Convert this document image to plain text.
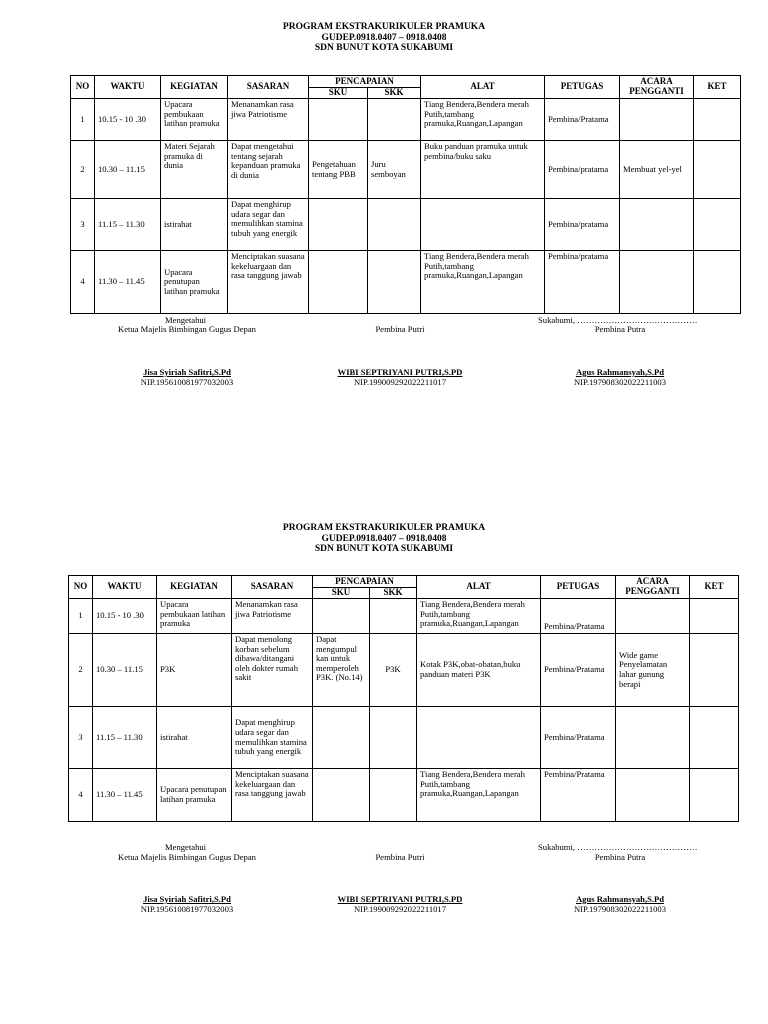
PROGRAM EKSTRAKURIKULER PRAMUKA
GUDEP.0918.0407 – 0918.0408
SDN BUNUT KOTA SUKABUMI
NO	WAKTU	KEGIATAN	SASARAN	PENCAPAIAN		ALAT	PETUGAS	ACARA PENGGANTI	KET
				SKU	SKK				
1	10.15 - 10 .30	Upacara pembukaan latihan pramuka	Menanamkan rasa jiwa Patriotisme			Tiang Bendera,Bendera merah Putih,tambang pramuka,Ruangan,Lapangan	Pembina/Pratama		
2	10.30 – 11.15	Materi Sejarah pramuka di dunia	Dapat mengetahui tentang sejarah kepanduan pramuka di dunia	Pengetahuan tentang PBB	Juru semboyan	Buku panduan pramuka untuk pembina/buku saku	Pembina/pratama	Membuat yel-yel	
3	11.15 – 11.30	istirahat	Dapat menghirup udara segar dan memulihkan stamina tubuh yang energik				Pembina/pratama		
4	11.30 – 11.45	Upacara penutupan latihan pramuka	Menciptakan suasana kekeluargaan dan rasa tanggung jawab			Tiang Bendera,Bendera merah Putih,tambang pramuka,Ruangan,Lapangan	Pembina/pratama		
Mengetahui
Ketua Majelis Bimbingan Gugus Depan	Pembina Putri
Sukabumi, ……………………………………
Pembina Putra
Jisa Syiriah Safitri,S.Pd
NIP.195610081977032003
WIBI SEPTRIYANI PUTRI,S.PD
NIP.199009292022211017
Agus Rahmansyah,S.Pd
NIP.197908302022211003
PROGRAM EKSTRAKURIKULER PRAMUKA
GUDEP.0918.0407 – 0918.0408
SDN BUNUT KOTA SUKABUMI
NO	WAKTU	KEGIATAN	SASARAN	PENCAPAIAN		ALAT	PETUGAS	ACARA PENGGANTI	KET
				SKU	SKK				
1	10.15 - 10 .30	Upacara pembukaan latihan pramuka	Menanamkan rasa jiwa Patriotisme			Tiang Bendera,Bendera merah Putih,tambang pramuka,Ruangan,Lapangan	Pembina/Pratama		
2	10.30 – 11.15	P3K	Dapat menolong korban sebelum dibawa/ditangani oleh dokter rumah sakit	Dapat mengumpul kan untuk memperoleh P3K. (No.14)	P3K	Kotak P3K,obat-obatan,buku panduan materi P3K	Pembina/Pratama	Wide game Penyelamatan lahar gunung berapi	
3	11.15 – 11.30	istirahat	Dapat menghirup udara segar dan memulihkan stamina tubuh yang energik				Pembina/Pratama		
4	11.30 – 11.45	Upacara penutupan latihan pramuka	Menciptakan suasana kekeluargaan dan rasa tanggung jawab			Tiang Bendera,Bendera merah Putih,tambang pramuka,Ruangan,Lapangan	Pembina/Pratama		
Mengetahui
Ketua Majelis Bimbingan Gugus Depan	Pembina Putri
Sukabumi, ……………………………………
Pembina Putra
Jisa Syiriah Safitri,S.Pd
NIP.195610081977032003
WIBI SEPTRIYANI PUTRI,S.PD
NIP.199009292022211017
Agus Rahmansyah,S.Pd
NIP.197908302022211003
